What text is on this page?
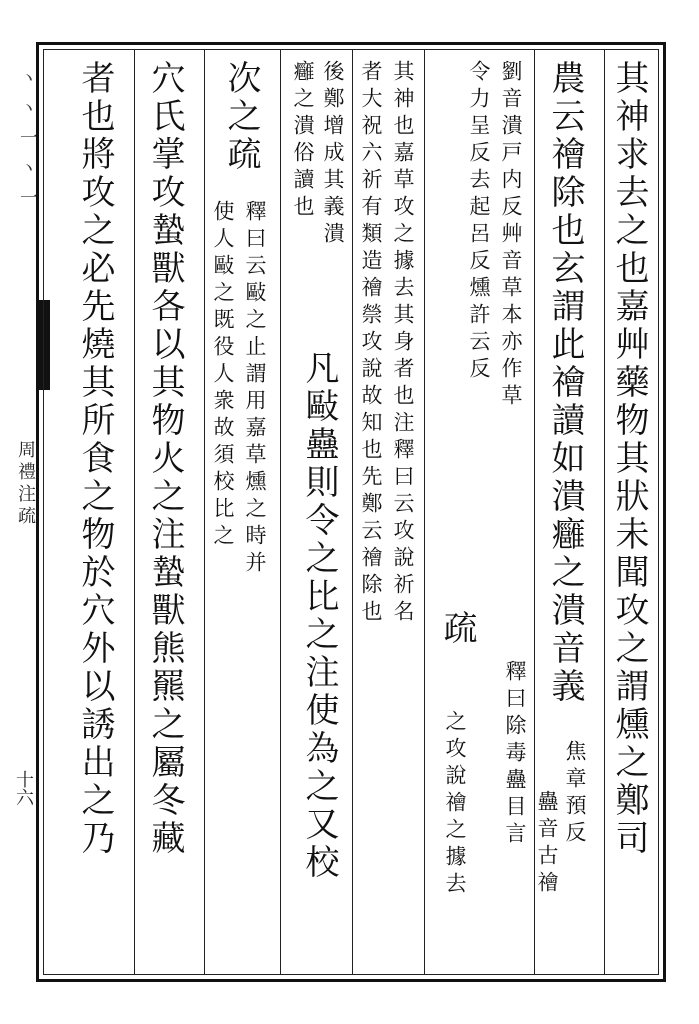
ヽヽ一ヽ一
周禮注疏
十六	其神求去之也嘉艸藥物其狀未聞攻之謂燻之鄭司
農云禬除也玄謂此禬讀如潰癰之潰音義
焦章預反
蠱音古禬
劉音潰戸内反艸音草本亦作草
令力呈反去起呂反燻許云反
疏
釋曰除毒蠱目言
之攻說禬之據去
其神也嘉草攻之據去其身者也注釋曰云攻說祈名
者大祝六祈有類造禬禜攻說故知也先鄭云禬除也
後鄭增成其義潰
癰之潰俗讀也
凡敺蠱則令之比之注使為之又校
次之疏
釋曰云敺之止謂用嘉草燻之時并
使人敺之既役人衆故須校比之
穴氏掌攻蟄獸各以其物火之注蟄獸熊羆之屬冬藏
者也將攻之必先燒其所食之物於穴外以誘出之乃
